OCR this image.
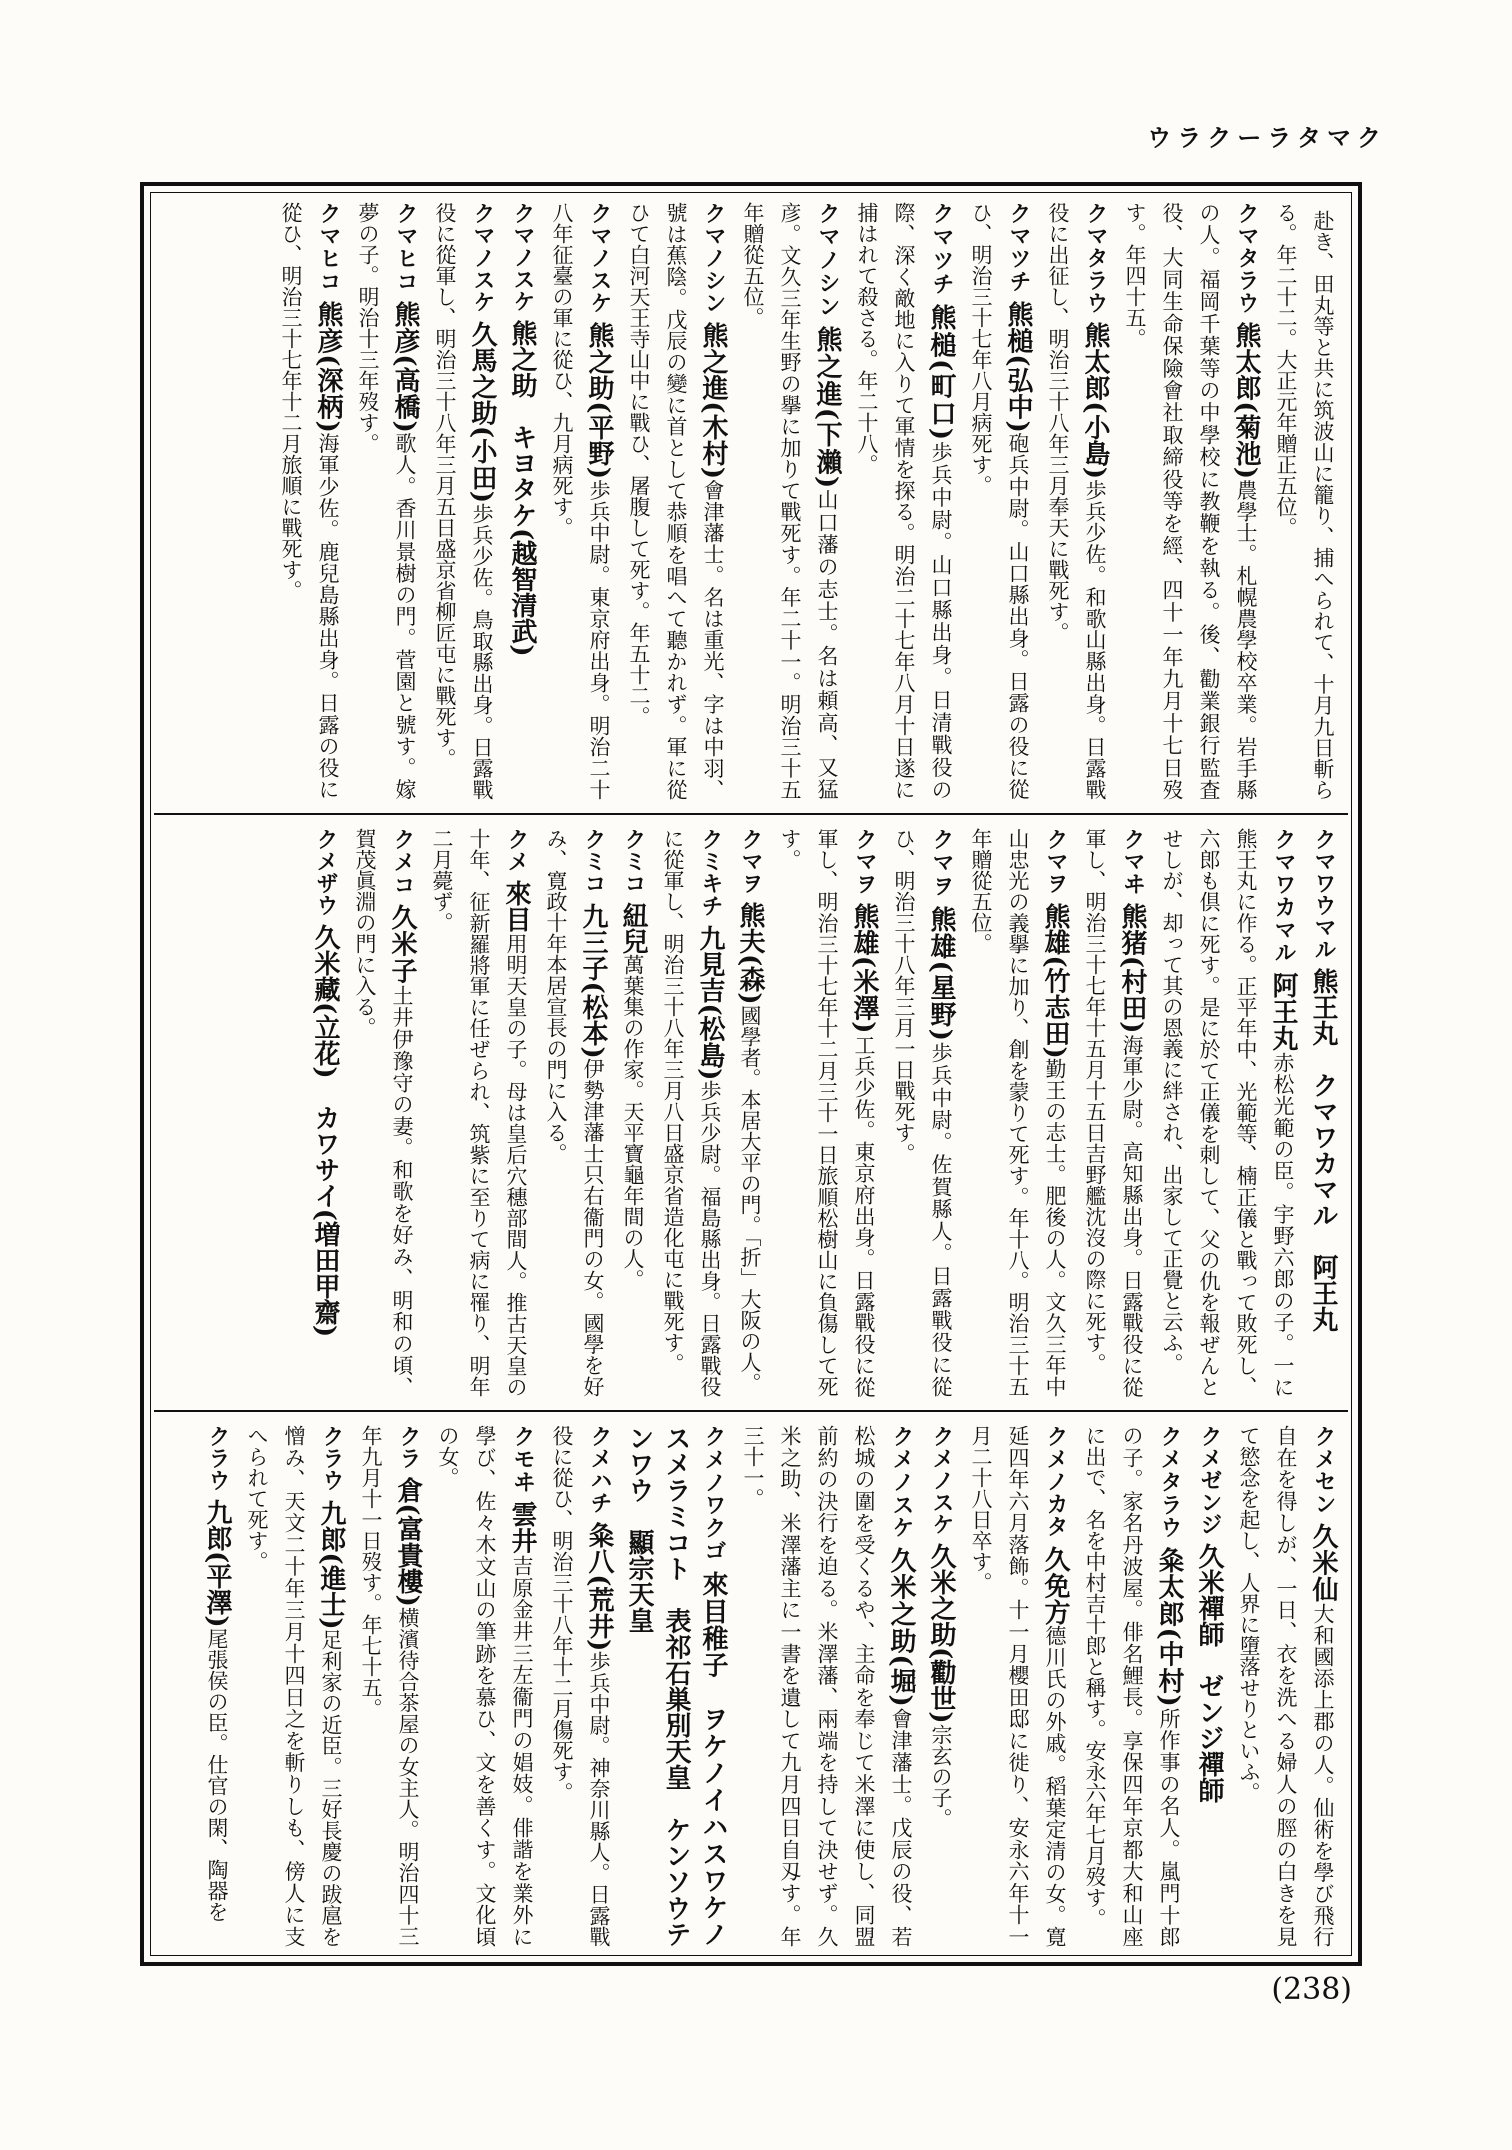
ウラクーラタマク
赴き、田丸等と共に筑波山に籠り、捕へられて、十月九日斬らる。年二十二。大正元年贈正五位。
クマタラウ熊太郎(菊池)農學士。札幌農學校卒業。岩手縣の人。福岡千葉等の中學校に教鞭を執る。後、勸業銀行監査役、大同生命保險會社取締役等を經、四十一年九月十七日歿す。年四十五。
クマタラウ熊太郎(小島)歩兵少佐。和歌山縣出身。日露戰役に出征し、明治三十八年三月奉天に戰死す。
クマツチ熊槌(弘中)砲兵中尉。山口縣出身。日露の役に從ひ、明治三十七年八月病死す。
クマツチ熊槌(町口)歩兵中尉。山口縣出身。日清戰役の際、深く敵地に入りて軍情を探る。明治二十七年八月十日遂に捕はれて殺さる。年二十八。
クマノシン熊之進(下瀨)山口藩の志士。名は頼高、又猛彦。文久三年生野の擧に加りて戰死す。年二十一。明治三十五年贈從五位。
クマノシン熊之進(木村)會津藩士。名は重光、字は中羽、號は蕉陰。戊辰の變に首として恭順を唱へて聽かれず。軍に從ひて白河天王寺山中に戰ひ、屠腹して死す。年五十二。
クマノスケ熊之助(平野)歩兵中尉。東京府出身。明治二十八年征臺の軍に從ひ、九月病死す。
クマノスケ熊之助　キヨタケ(越智清武)
クマノスケ久馬之助(小田)歩兵少佐。鳥取縣出身。日露戰役に從軍し、明治三十八年三月五日盛京省柳匠屯に戰死す。
クマヒコ熊彦(高橋)歌人。香川景樹の門。菅園と號す。嫁夢の子。明治十三年歿す。
クマヒコ熊彦(深柄)海軍少佐。鹿兒島縣出身。日露の役に從ひ、明治三十七年十二月旅順に戰死す。
クマワウマル熊王丸　クマワカマル　阿王丸
クマワカマル阿王丸赤松光範の臣。宇野六郎の子。一に熊王丸に作る。正平年中、光範等、楠正儀と戰って敗死し、六郎も倶に死す。是に於て正儀を刺して、父の仇を報ぜんとせしが、却って其の恩義に絆され、出家して正覺と云ふ。
クマヰ熊猪(村田)海軍少尉。高知縣出身。日露戰役に從軍し、明治三十七年十五月十五日吉野艦沈沒の際に死す。
クマヲ熊雄(竹志田)勤王の志士。肥後の人。文久三年中山忠光の義擧に加り、創を蒙りて死す。年十八。明治三十五年贈從五位。
クマヲ熊雄(星野)歩兵中尉。佐賀縣人。日露戰役に從ひ、明治三十八年三月一日戰死す。
クマヲ熊雄(米澤)工兵少佐。東京府出身。日露戰役に從軍し、明治三十七年十二月三十一日旅順松樹山に負傷して死す。
クマヲ熊夫(森)國學者。本居大平の門。「折」大阪の人。
クミキチ九見吉(松島)歩兵少尉。福島縣出身。日露戰役に從軍し、明治三十八年三月八日盛京省造化屯に戰死す。
クミコ紐兒萬葉集の作家。天平寶龜年間の人。
クミコ九三子(松本)伊勢津藩士只右衞門の女。國學を好み、寛政十年本居宣長の門に入る。
クメ來目用明天皇の子。母は皇后穴穗部間人。推古天皇の十年、征新羅將軍に任ぜられ、筑紫に至りて病に罹り、明年二月薨ず。
クメコ久米子土井伊豫守の妻。和歌を好み、明和の頃、賀茂眞淵の門に入る。
クメザウ久米藏(立花)　カワサイ(増田甲齋)
クメセン久米仙大和國添上郡の人。仙術を學び飛行自在を得しが、一日、衣を洗へる婦人の脛の白きを見て慾念を起し、人界に墮落せりといふ。
クメゼンジ久米禪師　ゼンジ禪師
クメタラウ粂太郎(中村)所作事の名人。嵐門十郎の子。家名丹波屋。俳名鯉長。享保四年京都大和山座に出で、名を中村吉十郎と稱す。安永六年七月歿す。
クメノカタ久免方德川氏の外戚。稻葉定清の女。寛延四年六月落飾。十一月櫻田邸に徙り、安永六年十一月二十八日卒す。
クメノスケ久米之助(勸世)宗玄の子。
クメノスケ久米之助(堀)會津藩士。戊辰の役、若松城の圍を受くるや、主命を奉じて米澤に使し、同盟前約の決行を迫る。米澤藩、兩端を持して決せず。久米之助、米澤藩主に一書を遺して九月四日自刄す。年三十一。
クメノワクゴ來目稚子　ヲケノイハスワケノスメラミコト　表祁石巣別天皇　ケンソウテンワウ　顯宗天皇
クメハチ粂八(荒井)歩兵中尉。神奈川縣人。日露戰役に從ひ、明治三十八年十二月傷死す。
クモヰ雲井吉原金井三左衞門の娼妓。俳諧を業外に學び、佐々木文山の筆跡を慕ひ、文を善くす。文化頃の女。
クラ倉(富貴樓)横濱待合茶屋の女主人。明治四十三年九月十一日歿す。年七十五。
クラウ九郎(進士)足利家の近臣。三好長慶の跋扈を憎み、天文二十年三月十四日之を斬りしも、傍人に支へられて死す。
クラウ九郎(平澤)尾張侯の臣。仕官の閑、陶器を
(238)
